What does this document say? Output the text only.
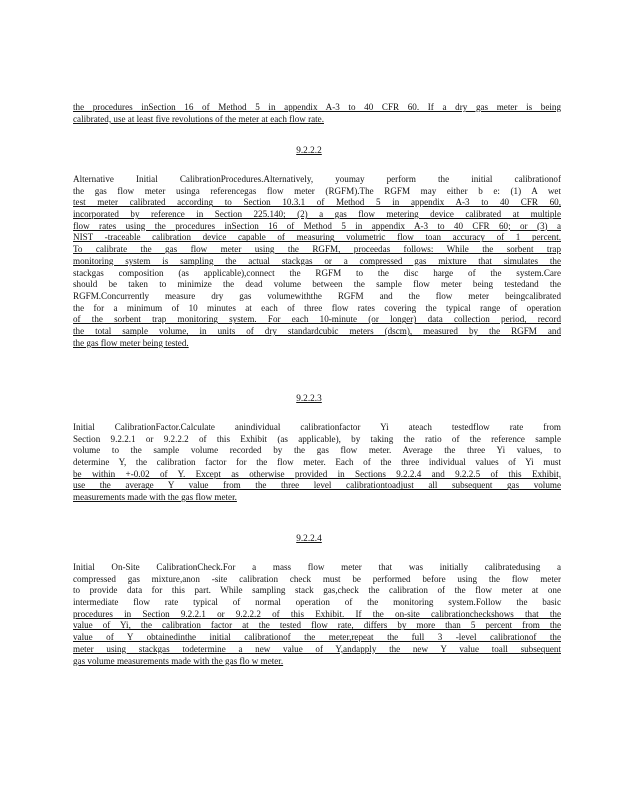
the procedures inSection 16 of Method 5 in appendix A-3 to 40 CFR 60. If a dry gas meter is being
calibrated, use at least five revolutions of the meter at each flow rate.
9.2.2.2
Alternative Initial CalibrationProcedures.Alternatively, youmay perform the initial calibrationof
the gas flow meter usinga referencegas flow meter (RGFM).The RGFM may either b e: (1) A wet
test meter calibrated according to Section 10.3.1 of Method 5 in appendix A-3 to 40 CFR 60,
incorporated by reference in Section 225.140; (2) a gas flow metering device calibrated at multiple
flow rates using the procedures inSection 16 of Method 5 in appendix A-3 to 40 CFR 60; or (3) a
NIST -traceable calibration device capable of measuring volumetric flow toan accuracy of 1 percent.
To calibrate the gas flow meter using the RGFM, proceedas follows: While the sorbent trap
monitoring system is sampling the actual stackgas or a compressed gas mixture that simulates the
stackgas composition (as applicable),connect the RGFM to the disc harge of the system.Care
should be taken to minimize the dead volume between the sample flow meter being testedand the
RGFM.Concurrently measure dry gas volumewiththe RGFM and the flow meter beingcalibrated
the for a minimum of 10 minutes at each of three flow rates covering the typical range of operation
of the sorbent trap monitoring system. For each 10-minute (or longer) data collection period, record
the total sample volume, in units of dry standardcubic meters (dscm), measured by the RGFM and
the gas flow meter being tested.
9.2.2.3
Initial CalibrationFactor.Calculate anindividual calibrationfactor Yi ateach testedflow rate from
Section 9.2.2.1 or 9.2.2.2 of this Exhibit (as applicable), by taking the ratio of the reference sample
volume to the sample volume recorded by the gas flow meter. Average the three Yi values, to
determine Y, the calibration factor for the flow meter. Each of the three individual values of Yi must
be within +-0.02 of Y. Except as otherwise provided in Sections 9.2.2.4 and 9.2.2.5 of this Exhibit,
use the average Y value from the three level calibrationtoadjust all subsequent gas volume
measurements made with the gas flow meter.
9.2.2.4
Initial On-Site CalibrationCheck.For a mass flow meter that was initially calibratedusing a
compressed gas mixture,anon -site calibration check must be performed before using the flow meter
to provide data for this part. While sampling stack gas,check the calibration of the flow meter at one
intermediate flow rate typical of normal operation of the monitoring system.Follow the basic
procedures in Section 9.2.2.1 or 9.2.2.2 of this Exhibit. If the on-site calibrationcheckshows that the
value of Yi, the calibration factor at the tested flow rate, differs by more than 5 percent from the
value of Y obtainedinthe initial calibrationof the meter,repeat the full 3 -level calibrationof the
meter using stackgas todetermine a new value of Y,andapply the new Y value toall subsequent
gas volume measurements made with the gas flo w meter.
